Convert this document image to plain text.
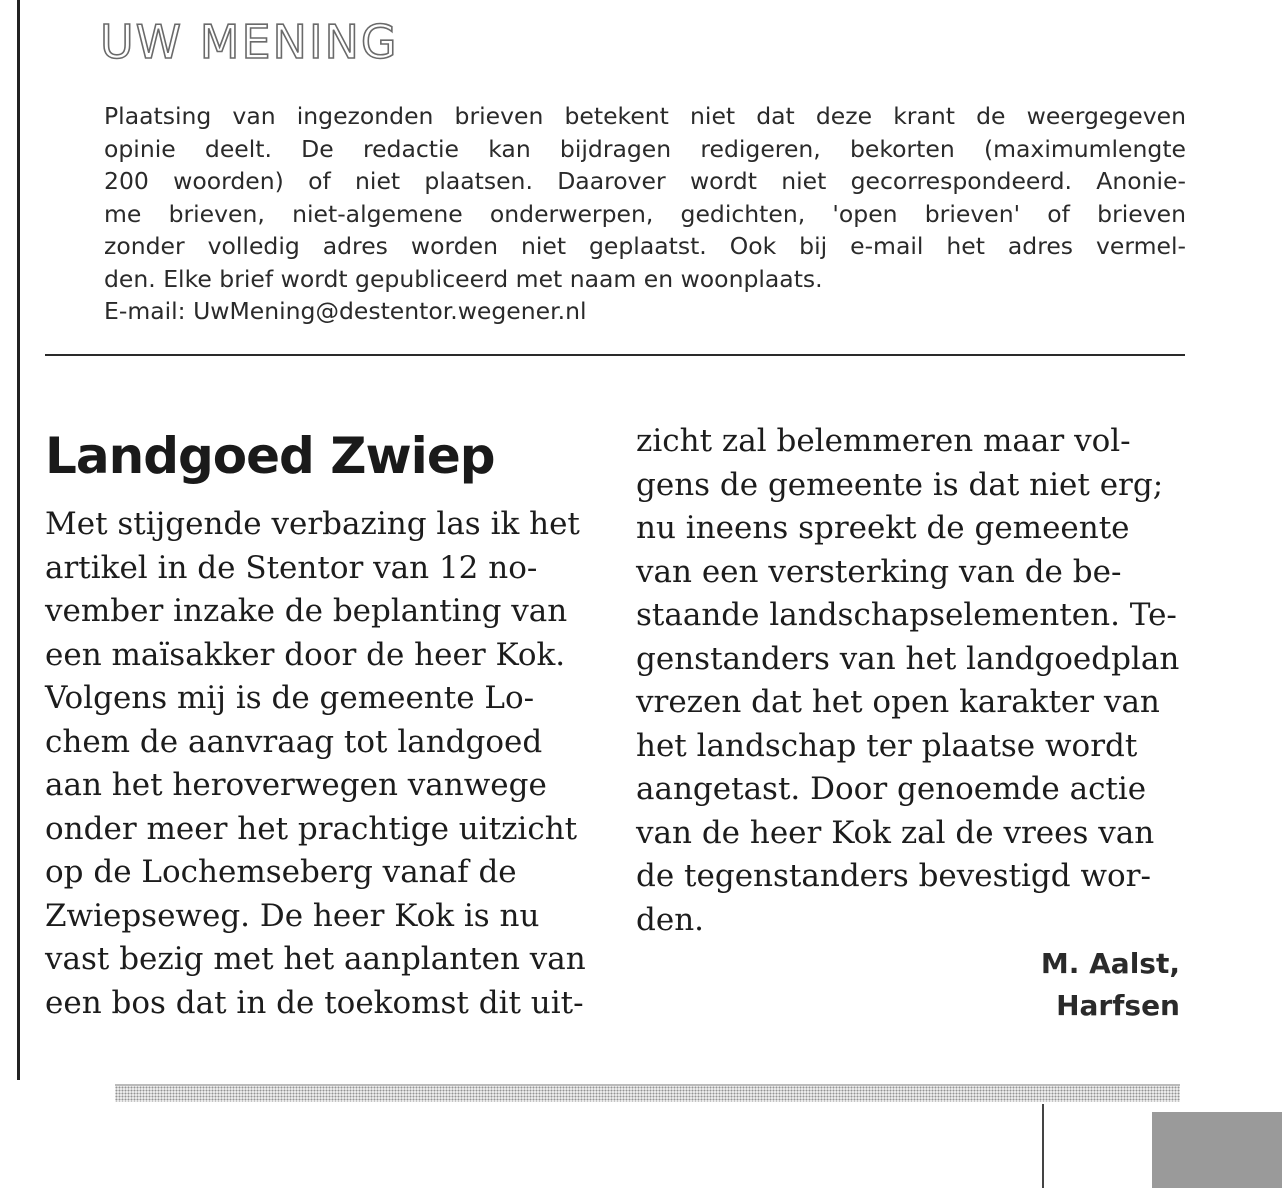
UW MENING
Plaatsing van ingezonden brieven betekent niet dat deze krant de weergegeven
opinie deelt. De redactie kan bijdragen redigeren, bekorten (maximumlengte
200 woorden) of niet plaatsen. Daarover wordt niet gecorrespondeerd. Anonie-
me brieven, niet-algemene onderwerpen, gedichten, 'open brieven' of brieven
zonder volledig adres worden niet geplaatst. Ook bij e-mail het adres vermel-
den. Elke brief wordt gepubliceerd met naam en woonplaats.
E-mail: UwMening@destentor.wegener.nl
Landgoed Zwiep
Met stijgende verbazing las ik het
artikel in de Stentor van 12 no-
vember inzake de beplanting van
een maïsakker door de heer Kok.
Volgens mij is de gemeente Lo-
chem de aanvraag tot landgoed
aan het heroverwegen vanwege
onder meer het prachtige uitzicht
op de Lochemseberg vanaf de
Zwiepseweg. De heer Kok is nu
vast bezig met het aanplanten van
een bos dat in de toekomst dit uit-
zicht zal belemmeren maar vol-
gens de gemeente is dat niet erg;
nu ineens spreekt de gemeente
van een versterking van de be-
staande landschapselementen. Te-
genstanders van het landgoedplan
vrezen dat het open karakter van
het landschap ter plaatse wordt
aangetast. Door genoemde actie
van de heer Kok zal de vrees van
de tegenstanders bevestigd wor-
den.
M. Aalst,
Harfsen
